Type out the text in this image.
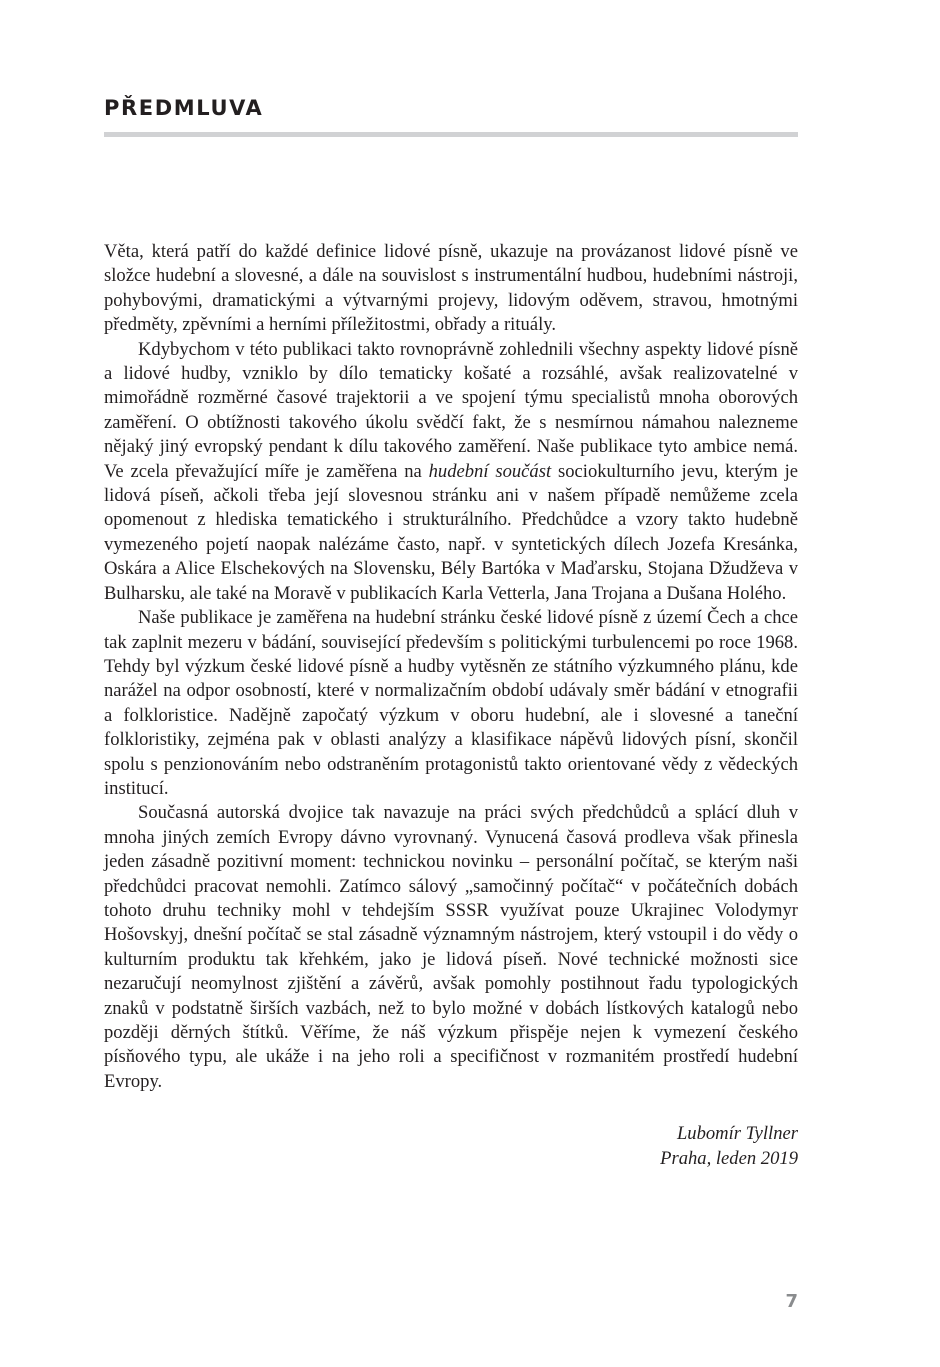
PŘEDMLUVA

Věta, která patří do každé definice lidové písně, ukazuje na provázanost lidové písně ve složce hudební a slovesné, a dále na souvislost s instrumentální hudbou, hudebními nástroji, pohybovými, dramatickými a výtvarnými projevy, lidovým oděvem, stravou, hmotnými předměty, zpěvními a herními příležitostmi, obřady a rituály.

Kdybychom v této publikaci takto rovnoprávně zohlednili všechny aspekty lidové písně a lidové hudby, vzniklo by dílo tematicky košaté a rozsáhlé, avšak realizovatelné v mimořádně rozměrné časové trajektorii a ve spojení týmu specialistů mnoha oborových zaměření. O obtížnosti takového úkolu svědčí fakt, že s nesmírnou námahou nalezneme nějaký jiný evropský pendant k dílu takového zaměření. Naše publikace tyto ambice nemá. Ve zcela převažující míře je zaměřena na hudební součást sociokulturního jevu, kterým je lidová píseň, ačkoli třeba její slovesnou stránku ani v našem případě nemůžeme zcela opomenout z hlediska tematického i strukturálního. Předchůdce a vzory takto hudebně vymezeného pojetí naopak nalézáme často, např. v syntetických dílech Jozefa Kresánka, Oskára a Alice Elschekových na Slovensku, Bély Bartóka v Maďarsku, Stojana Džudževa v Bulharsku, ale také na Moravě v publikacích Karla Vetterla, Jana Trojana a Dušana Holého.

Naše publikace je zaměřena na hudební stránku české lidové písně z území Čech a chce tak zaplnit mezeru v bádání, související především s politickými turbulencemi po roce 1968. Tehdy byl výzkum české lidové písně a hudby vytěsněn ze státního výzkumného plánu, kde narážel na odpor osobností, které v normalizačním období udávaly směr bádání v etnografii a folkloristice. Nadějně započatý výzkum v oboru hudební, ale i slovesné a taneční folkloristiky, zejména pak v oblasti analýzy a klasifikace nápěvů lidových písní, skončil spolu s penzionováním nebo odstraněním protagonistů takto orientované vědy z vědeckých institucí.

Současná autorská dvojice tak navazuje na práci svých předchůdců a splácí dluh v mnoha jiných zemích Evropy dávno vyrovnaný. Vynucená časová prodleva však přinesla jeden zásadně pozitivní moment: technickou novinku – personální počítač, se kterým naši předchůdci pracovat nemohli. Zatímco sálový „samočinný počítač“ v počátečních dobách tohoto druhu techniky mohl v tehdejším SSSR využívat pouze Ukrajinec Volodymyr Hošovskyj, dnešní počítač se stal zásadně významným nástrojem, který vstoupil i do vědy o kulturním produktu tak křehkém, jako je lidová píseň. Nové technické možnosti sice nezaručují neomylnost zjištění a závěrů, avšak pomohly postihnout řadu typologických znaků v podstatně širších vazbách, než to bylo možné v dobách lístkových katalogů nebo později děrných štítků. Věříme, že náš výzkum přispěje nejen k vymezení českého písňového typu, ale ukáže i na jeho roli a specifičnost v rozmanitém prostředí hudební Evropy.

Lubomír Tyllner
Praha, leden 2019
7
